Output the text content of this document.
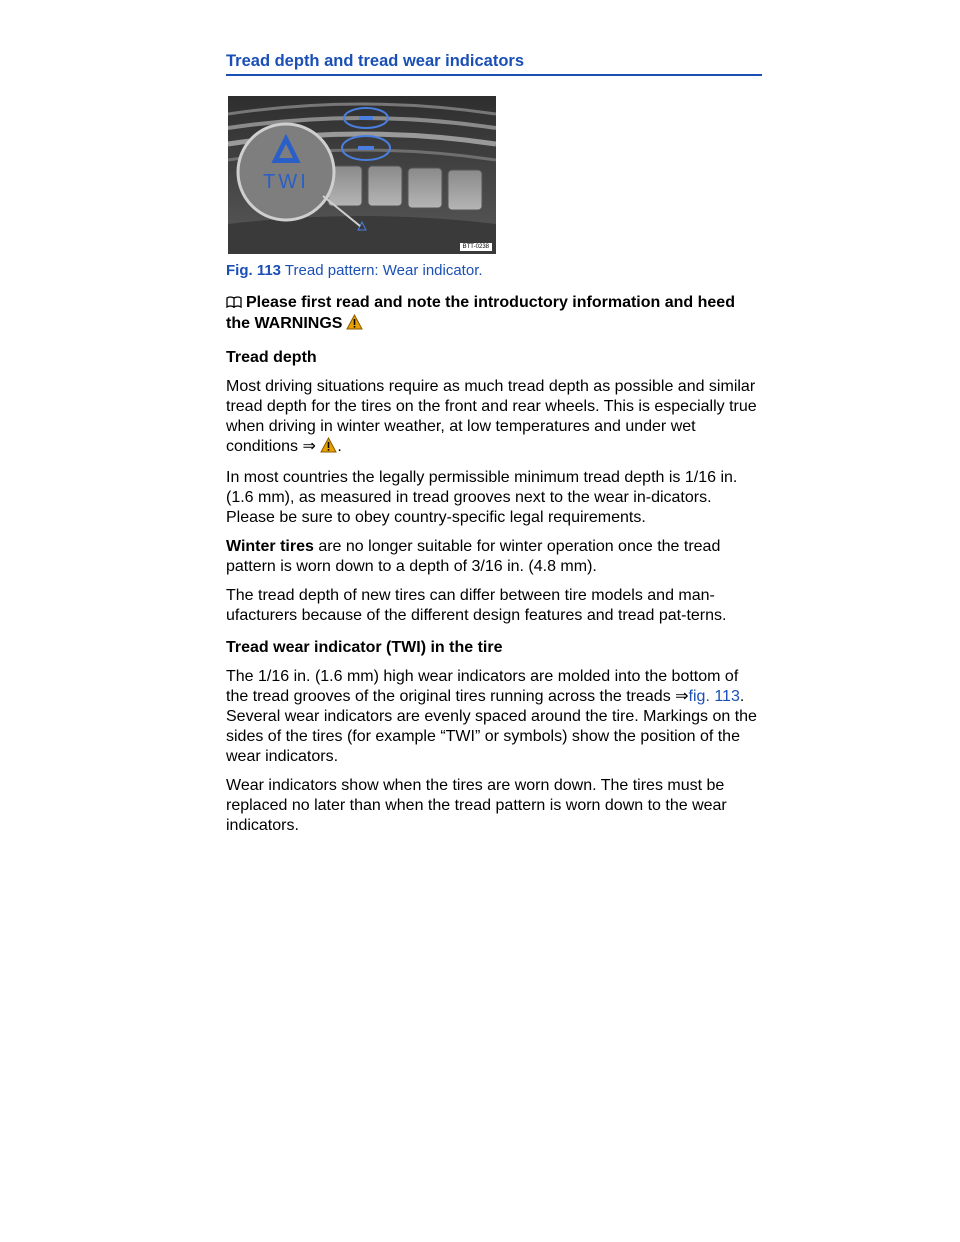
Tread depth and tread wear indicators
TWI
BTT-0238
Fig. 113 Tread pattern: Wear indicator.

Please first read and note the introductory information and heed the WARNINGS

Tread depth

Most driving situations require as much tread depth as possible and similar tread depth for the tires on the front and rear wheels. This is especially true when driving in winter weather, at low temperatures and under wet conditions ⇒ .

In most countries the legally permissible minimum tread depth is 1/16 in. (1.6 mm), as measured in tread grooves next to the wear in-dicators. Please be sure to obey country-specific legal requirements.

Winter tires are no longer suitable for winter operation once the tread pattern is worn down to a depth of 3/16 in. (4.8 mm).

The tread depth of new tires can differ between tire models and man-ufacturers because of the different design features and tread pat-terns.

Tread wear indicator (TWI) in the tire

The 1/16 in. (1.6 mm) high wear indicators are molded into the bottom of the tread grooves of the original tires running across the treads ⇒fig. 113. Several wear indicators are evenly spaced around the tire. Markings on the sides of the tires (for example “TWI” or symbols) show the position of the wear indicators.

Wear indicators show when the tires are worn down. The tires must be replaced no later than when the tread pattern is worn down to the wear indicators.
